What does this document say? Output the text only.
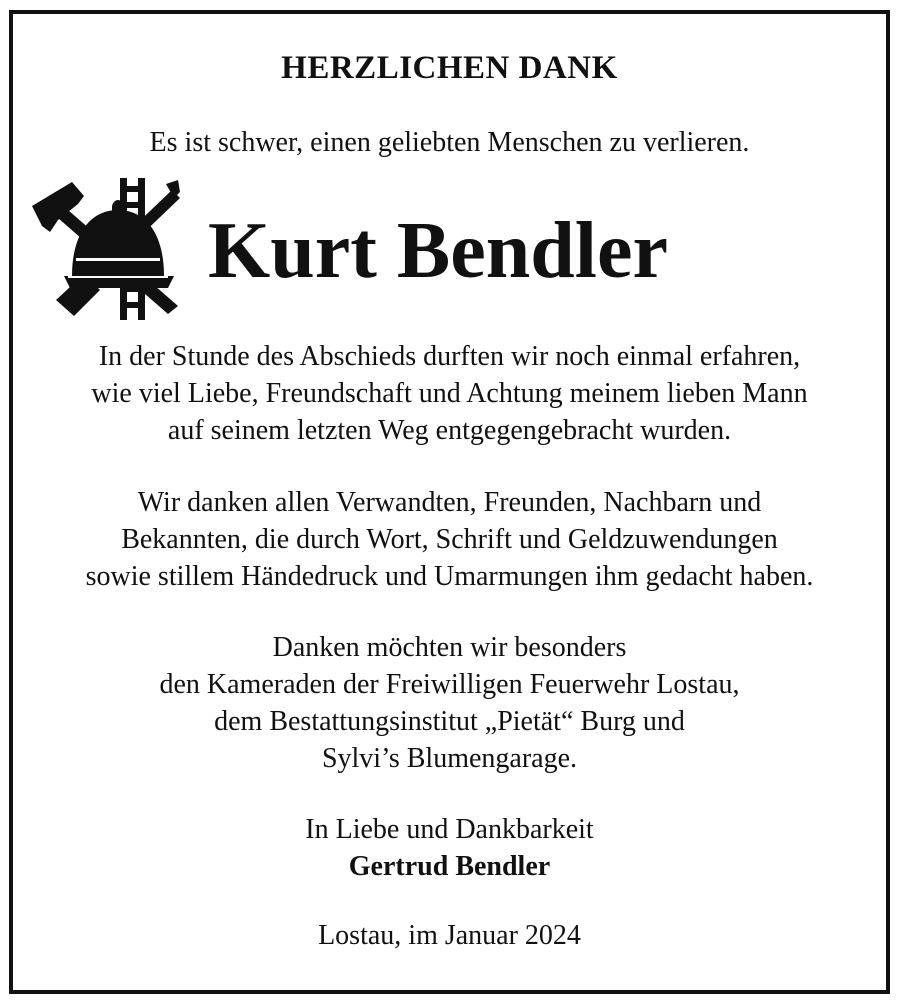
HERZLICHEN DANK
Es ist schwer, einen geliebten Menschen zu verlieren.
Kurt Bendler
In der Stunde des Abschieds durften wir noch einmal erfahren,
wie viel Liebe, Freundschaft und Achtung meinem lieben Mann
auf seinem letzten Weg entgegengebracht wurden.
Wir danken allen Verwandten, Freunden, Nachbarn und
Bekannten, die durch Wort, Schrift und Geldzuwendungen
sowie stillem Händedruck und Umarmungen ihm gedacht haben.
Danken möchten wir besonders
den Kameraden der Freiwilligen Feuerwehr Lostau,
dem Bestattungsinstitut „Pietät“ Burg und
Sylvi’s Blumengarage.
In Liebe und Dankbarkeit
Gertrud Bendler
Lostau, im Januar 2024
